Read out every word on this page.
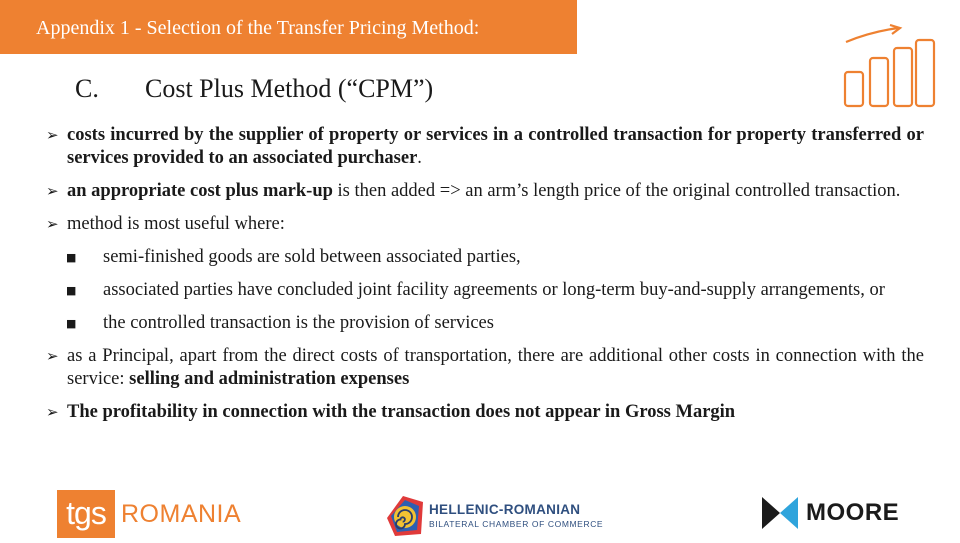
Appendix 1 - Selection of the Transfer Pricing Method:
C. Cost Plus Method (“CPM”)
➢ costs incurred by the supplier of property or services in a controlled transaction for property transferred or services provided to an associated purchaser.
➢ an appropriate cost plus mark-up is then added => an arm’s length price of the original controlled transaction.
➢ method is most useful where:
■ semi-finished goods are sold between associated parties,
■ associated parties have concluded joint facility agreements or long-term buy-and-supply arrangements, or
■ the controlled transaction is the provision of services
➢ as a Principal, apart from the direct costs of transportation, there are additional other costs in connection with the service: selling and administration expenses
➢ The profitability in connection with the transaction does not appear in Gross Margin
tgs ROMANIA	HELLENIC-ROMANIAN
BILATERAL CHAMBER OF COMMERCE	MOORE
